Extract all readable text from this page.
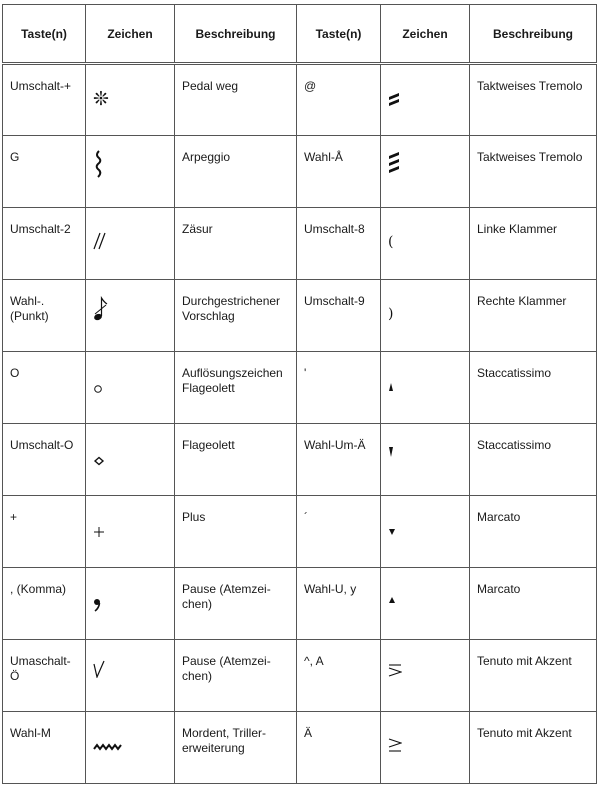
Taste(n)	Zeichen	Beschreibung	Taste(n)	Zeichen	Beschreibung
Umschalt-+	❊	Pedal weg	@		Taktweises Tremolo
G		Arpeggio	Wahl-Å		Taktweises Tremolo
Umschalt-2		Zäsur	Umschalt-8	(	Linke Klammer
Wahl-. (Punkt)		Durchgestrichener Vorschlag	Umschalt-9	)	Rechte Klammer
O		Auflösungszeichen Flageolett	'		Staccatissimo
Umschalt-O		Flageolett	Wahl-Um-Ä		Staccatissimo
+		Plus	´		Marcato
, (Komma)		Pause (Atemzei- chen)	Wahl-U, y		Marcato
Umaschalt- Ö		Pause (Atemzei- chen)	^, A		Tenuto mit Akzent
Wahl-M		Mordent, Triller- erweiterung	Ä		Tenuto mit Akzent
